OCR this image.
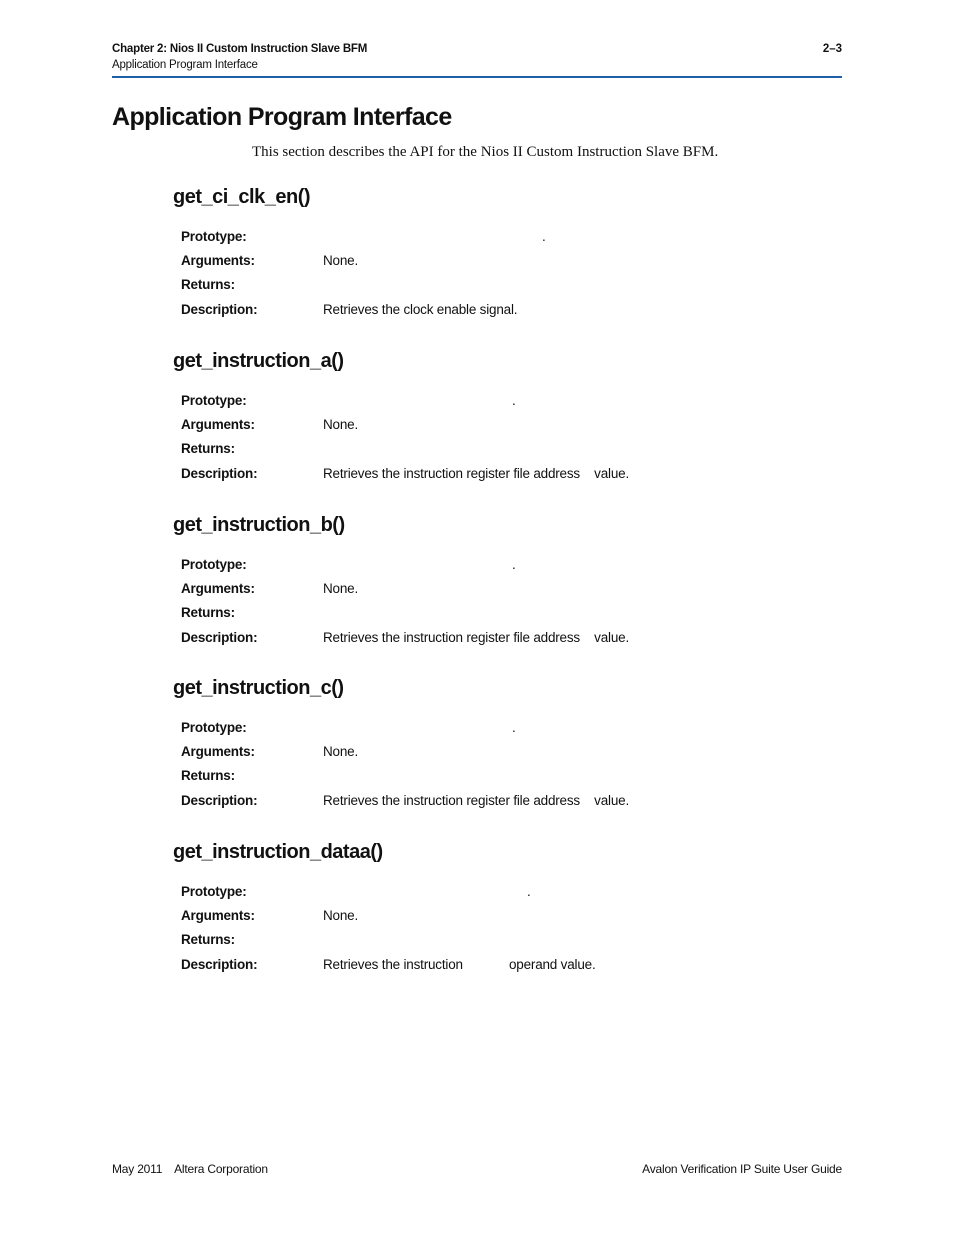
Chapter 2: Nios II Custom Instruction Slave BFM	2–3
Application Program Interface
Application Program Interface
This section describes the API for the Nios II Custom Instruction Slave BFM.
get_ci_clk_en()
Prototype:	.
Arguments:	None.
Returns:
Description:	Retrieves the clock enable signal.
get_instruction_a()
Prototype:	.
Arguments:	None.
Returns:
Description:	Retrieves the instruction register file address    value.
get_instruction_b()
Prototype:	.
Arguments:	None.
Returns:
Description:	Retrieves the instruction register file address    value.
get_instruction_c()
Prototype:	.
Arguments:	None.
Returns:
Description:	Retrieves the instruction register file address    value.
get_instruction_dataa()
Prototype:	.
Arguments:	None.
Returns:
Description:	Retrieves the instruction             operand value.
May 2011    Altera Corporation	Avalon Verification IP Suite User Guide
